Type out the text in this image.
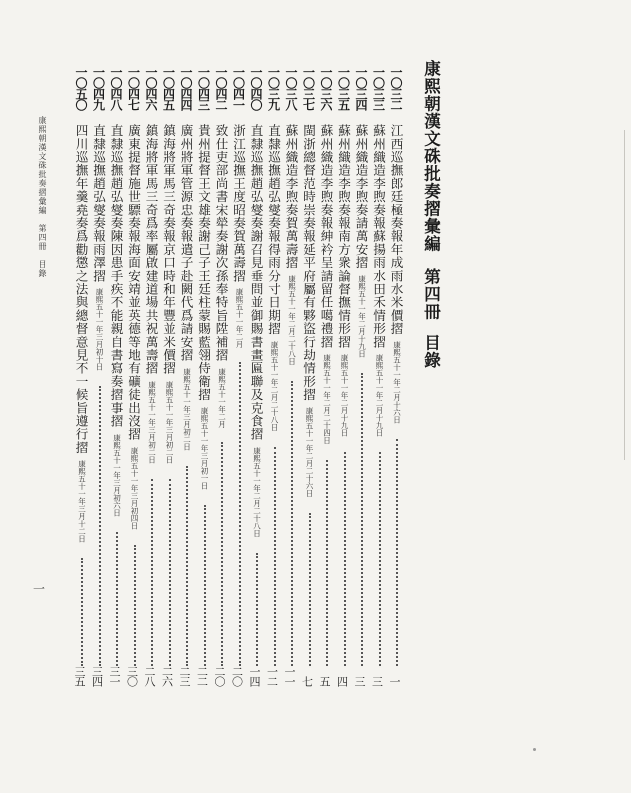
康熙朝漢文硃批奏摺彙編
第四冊
目錄
一〇三二
江西巡撫郎廷極奏報年成雨水米價摺
康熙五十一年二月十六日
一
一〇三三
蘇州織造李煦奏報蘇揚雨水田禾情形摺
康熙五十一年二月十九日
三
一〇三四
蘇州織造李煦奏請萬安摺
康熙五十一年二月十九日
三
一〇三五
蘇州織造李煦奏報南方衆論督撫情形摺
康熙五十一年二月十九日
四
一〇三六
蘇州織造李煦奏報紳衿呈請留任噶禮摺
康熙五十一年二月二十四日
五
一〇三七
閩浙總督范時崇奏報延平府屬有夥盜行劫情形摺
康熙五十一年二月二十六日
七
一〇三八
蘇州織造李煦奏賀萬壽摺
康熙五十一年二月二十八日
一一
一〇三九
直隸巡撫趙弘燮奏報得雨分寸日期摺
康熙五十一年二月二十八日
一二
一〇四〇
直隸巡撫趙弘燮奏謝召見垂問並御賜書畫匾聯及克食摺
康熙五十一年二月二十八日
一四
一〇四一
浙江巡撫王度昭奏賀萬壽摺
康熙五十一年二月
二〇
一〇四二
致仕吏部尚書宋犖奏謝次孫奉特旨陞補摺
康熙五十一年二月
二〇
一〇四三
貴州提督王文雄奏謝己子王廷柱蒙賜藍翎侍衛摺
康熙五十一年三月初一日
二二
一〇四四
廣州將軍管源忠奏報遣子赴闕代爲請安摺
康熙五十一年三月初二日
二三
一〇四五
鎮海將軍馬三奇奏報京口時和年豐並米價摺
康熙五十一年三月初二日
二六
一〇四六
鎮海將軍馬三奇爲率屬啟建道場共祝萬壽摺
康熙五十一年三月初二日
二八
一〇四七
廣東提督施世驃奏報海面安靖並英德等地有礦徒出沒摺
康熙五十一年三月初四日
三〇
一〇四八
直隸巡撫趙弘燮奏陳因患手疾不能親自書寫奏摺事摺
康熙五十一年三月初六日
三一
一〇四九
直隸巡撫趙弘燮奏報雨澤摺
康熙五十一年三月初十日
三四
一〇五〇
四川巡撫年羹堯奏爲勸懲之法與總督意見不一候旨遵行摺
康熙五十一年三月十二日
三五
康熙朝漢文硃批奏摺彙編　第四冊　目錄
一
